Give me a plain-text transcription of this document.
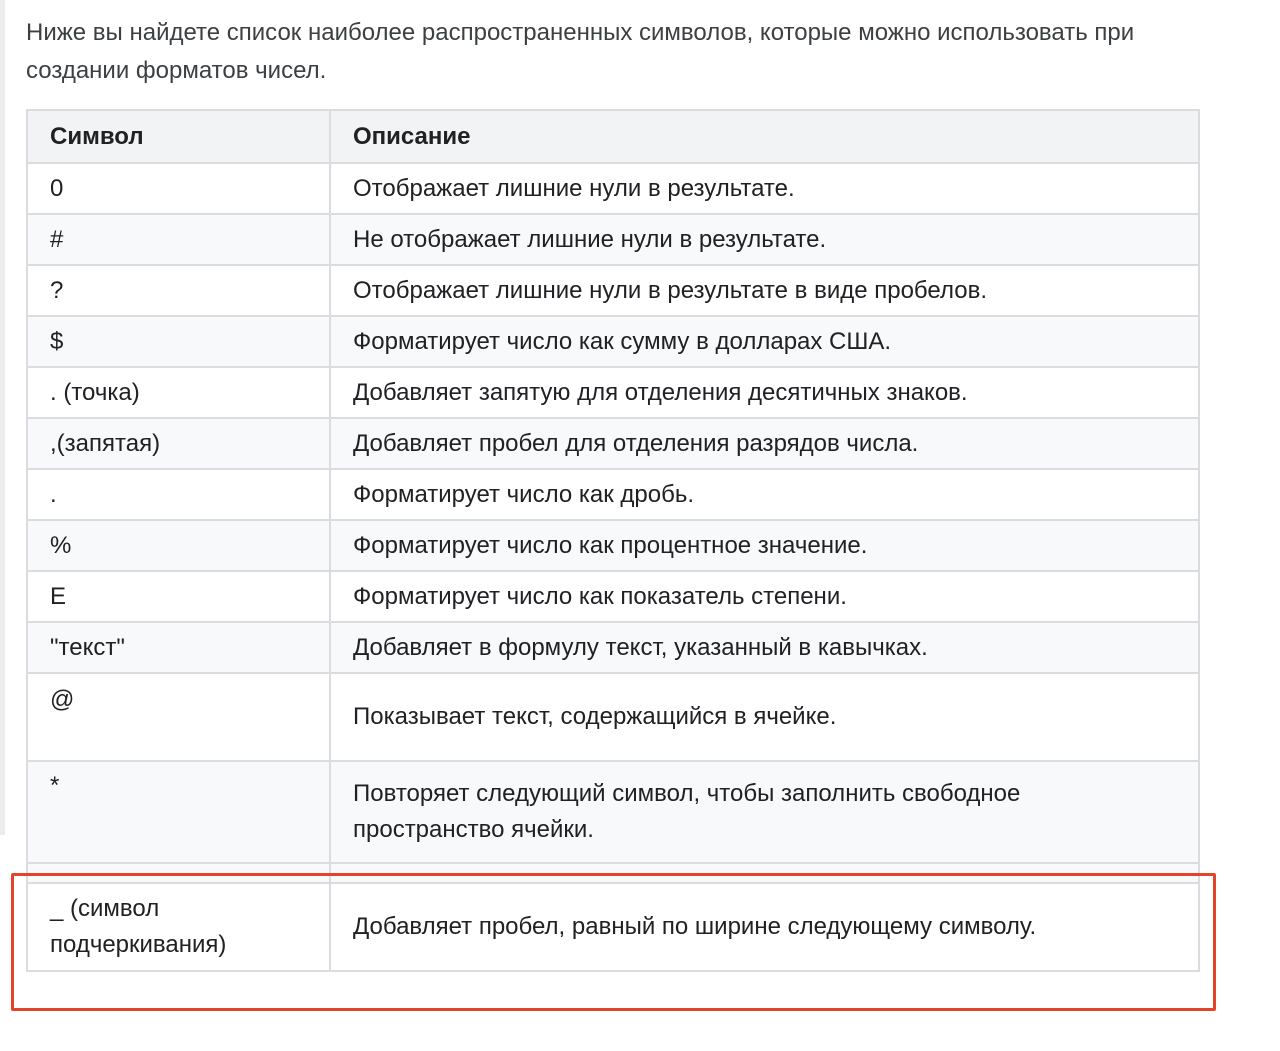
Ниже вы найдете список наиболее распространенных символов, которые можно использовать при создании форматов чисел.

Символ	Описание
0	Отображает лишние нули в результате.
#	Не отображает лишние нули в результате.
?	Отображает лишние нули в результате в виде пробелов.
$	Форматирует число как сумму в долларах США.
. (точка)	Добавляет запятую для отделения десятичных знаков.
,(запятая)	Добавляет пробел для отделения разрядов числа.
.	Форматирует число как дробь.
%	Форматирует число как процентное значение.
E	Форматирует число как показатель степени.
"текст"	Добавляет в формулу текст, указанный в кавычках.
@	Показывает текст, содержащийся в ячейке.
*	Повторяет следующий символ, чтобы заполнить свободное пространство ячейки.

_ (символ подчеркивания)	Добавляет пробел, равный по ширине следующему символу.
